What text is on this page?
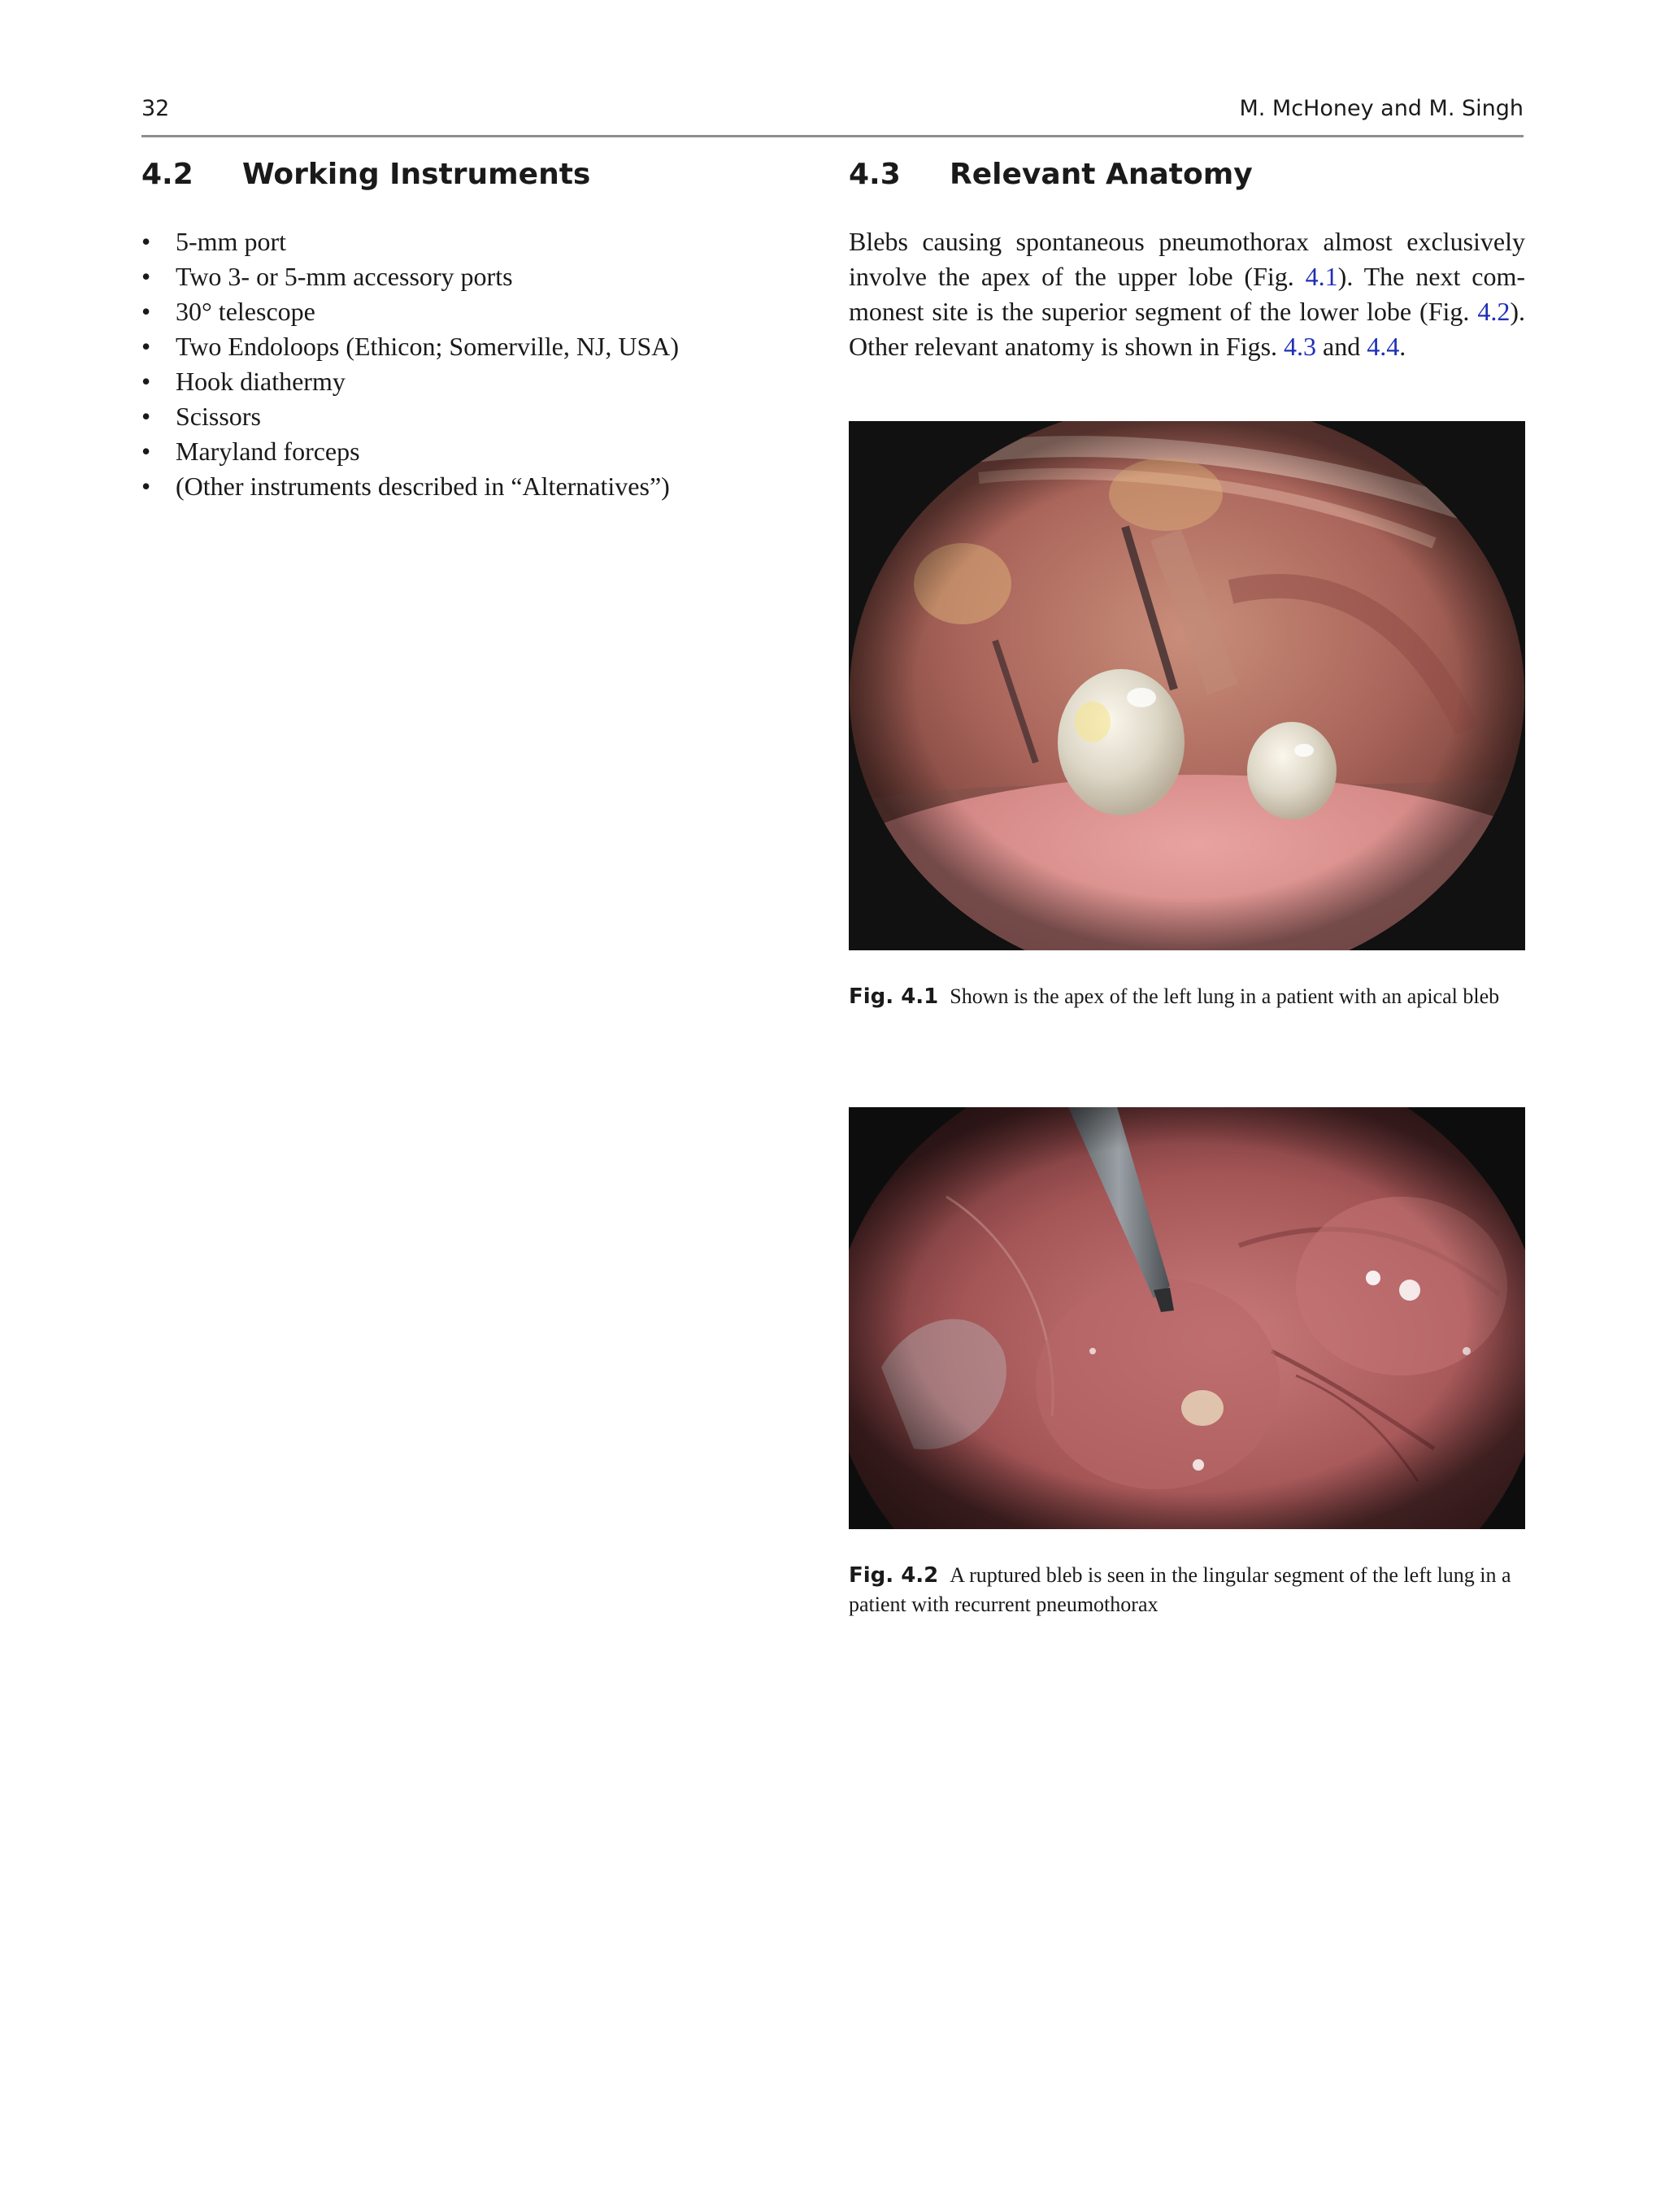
32	M. McHoney and M. Singh
4.2 Working Instruments
• 5-mm port
• Two 3- or 5-mm accessory ports
• 30° telescope
• Two Endoloops (Ethicon; Somerville, NJ, USA)
• Hook diathermy
• Scissors
• Maryland forceps
• (Other instruments described in “Alternatives”)
4.3 Relevant Anatomy
Blebs causing spontaneous pneumothorax almost exclusively
involve the apex of the upper lobe (Fig. 4.1). The next com-
monest site is the superior segment of the lower lobe (Fig. 4.2).
Other relevant anatomy is shown in Figs. 4.3 and 4.4.
Fig. 4.1 Shown is the apex of the left lung in a patient with an apical bleb
Fig. 4.2 A ruptured bleb is seen in the lingular segment of the left lung in a patient with recurrent pneumothorax
